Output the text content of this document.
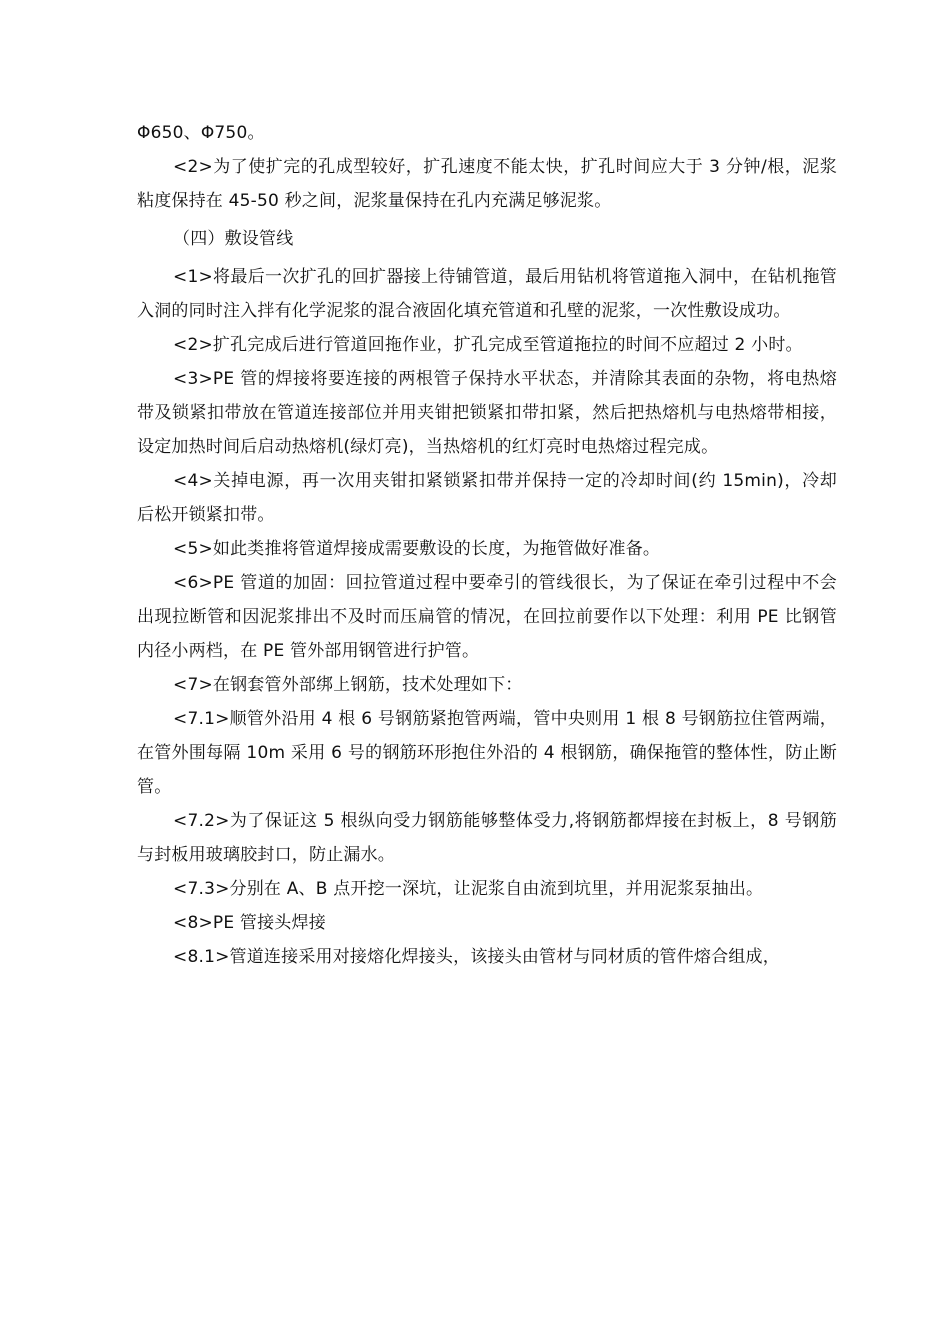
Φ650、Φ750。

<2>为了使扩完的孔成型较好，扩孔速度不能太快，扩孔时间应大于 3 分钟/根，泥浆粘度保持在 45-50 秒之间，泥浆量保持在孔内充满足够泥浆。

（四）敷设管线

<1>将最后一次扩孔的回扩器接上待铺管道，最后用钻机将管道拖入洞中，在钻机拖管入洞的同时注入拌有化学泥浆的混合液固化填充管道和孔壁的泥浆，一次性敷设成功。

<2>扩孔完成后进行管道回拖作业，扩孔完成至管道拖拉的时间不应超过 2 小时。

<3>PE 管的焊接将要连接的两根管子保持水平状态，并清除其表面的杂物，将电热熔带及锁紧扣带放在管道连接部位并用夹钳把锁紧扣带扣紧，然后把热熔机与电热熔带相接，设定加热时间后启动热熔机(绿灯亮)，当热熔机的红灯亮时电热熔过程完成。

<4>关掉电源，再一次用夹钳扣紧锁紧扣带并保持一定的冷却时间(约 15min)，冷却后松开锁紧扣带。

<5>如此类推将管道焊接成需要敷设的长度，为拖管做好准备。

<6>PE 管道的加固：回拉管道过程中要牵引的管线很长，为了保证在牵引过程中不会出现拉断管和因泥浆排出不及时而压扁管的情况，在回拉前要作以下处理：利用 PE 比钢管内径小两档，在 PE 管外部用钢管进行护管。

<7>在钢套管外部绑上钢筋，技术处理如下：

<7.1>顺管外沿用 4 根 6 号钢筋紧抱管两端，管中央则用 1 根 8 号钢筋拉住管两端，在管外围每隔 10m 采用 6 号的钢筋环形抱住外沿的 4 根钢筋，确保拖管的整体性，防止断管。

<7.2>为了保证这 5 根纵向受力钢筋能够整体受力,将钢筋都焊接在封板上，8 号钢筋与封板用玻璃胶封口，防止漏水。

<7.3>分别在 A、B 点开挖一深坑，让泥浆自由流到坑里，并用泥浆泵抽出。

<8>PE 管接头焊接

<8.1>管道连接采用对接熔化焊接头，该接头由管材与同材质的管件熔合组成，
